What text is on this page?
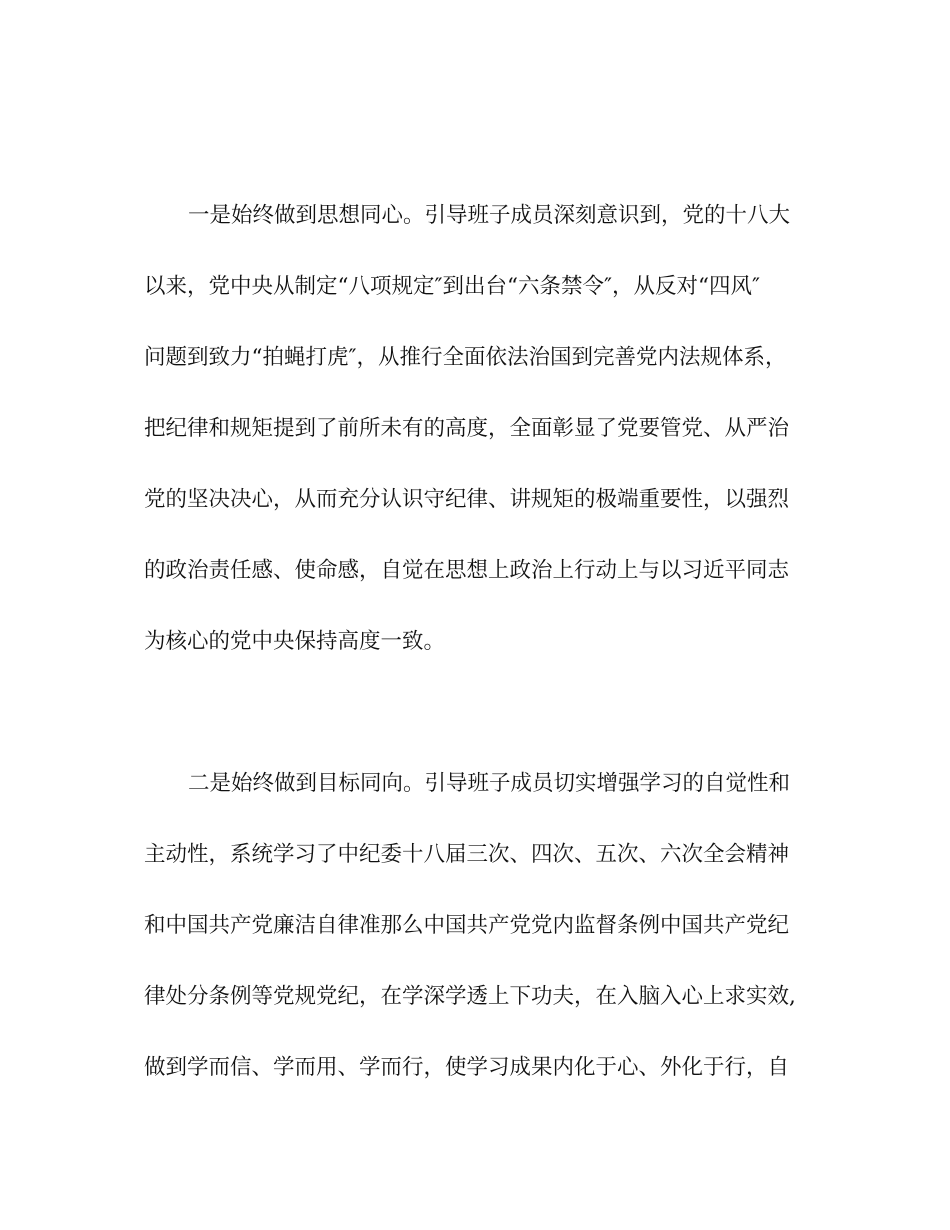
一是始终做到思想同心。引导班子成员深刻意识到，党的十八大
以来，党中央从制定“八项规定″到出台“六条禁令″，从反对“四风″
问题到致力“拍蝇打虎″，从推行全面依法治国到完善党内法规体系，
把纪律和规矩提到了前所未有的高度，全面彰显了党要管党、从严治
党的坚决决心，从而充分认识守纪律、讲规矩的极端重要性，以强烈
的政治责任感、使命感，自觉在思想上政治上行动上与以习近平同志
为核心的党中央保持高度一致。
二是始终做到目标同向。引导班子成员切实增强学习的自觉性和
主动性，系统学习了中纪委十八届三次、四次、五次、六次全会精神
和中国共产党廉洁自律准那么中国共产党党内监督条例中国共产党纪
律处分条例等党规党纪，在学深学透上下功夫，在入脑入心上求实效,
做到学而信、学而用、学而行，使学习成果内化于心、外化于行，自
